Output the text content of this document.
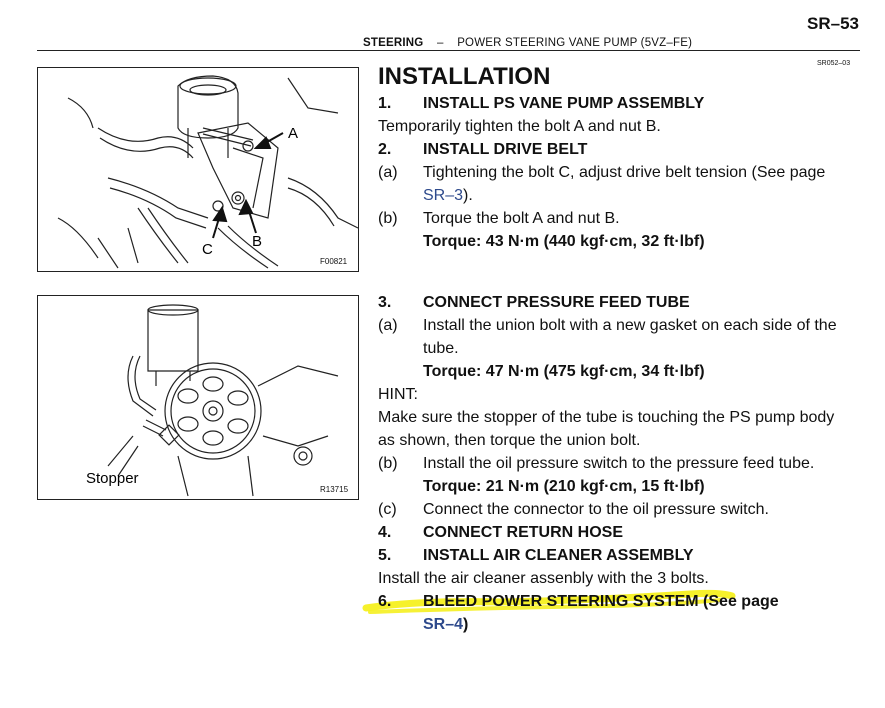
SR–53
STEERING – POWER STEERING VANE PUMP (5VZ–FE)
SR052–03
A
B
C
F00821
Stopper
R13715
INSTALLATION
1. INSTALL PS VANE PUMP ASSEMBLY
Temporarily tighten the bolt A and nut B.
2. INSTALL DRIVE BELT
(a) Tightening the bolt C, adjust drive belt tension (See page
SR–3).
(b) Torque the bolt A and nut B.
Torque: 43 N·m (440 kgf·cm, 32 ft·lbf)
3. CONNECT PRESSURE FEED TUBE
(a) Install the union bolt with a new gasket on each side of the
tube.
Torque: 47 N·m (475 kgf·cm, 34 ft·lbf)
HINT:
Make sure the stopper of the tube is touching the PS pump body
as shown, then torque the union bolt.
(b) Install the oil pressure switch to the pressure feed tube.
Torque: 21 N·m (210 kgf·cm, 15 ft·lbf)
(c) Connect the connector to the oil pressure switch.
4. CONNECT RETURN HOSE
5. INSTALL AIR CLEANER ASSEMBLY
Install the air cleaner assenbly with the 3 bolts.
6. BLEED POWER STEERING SYSTEM (See page
SR–4)
